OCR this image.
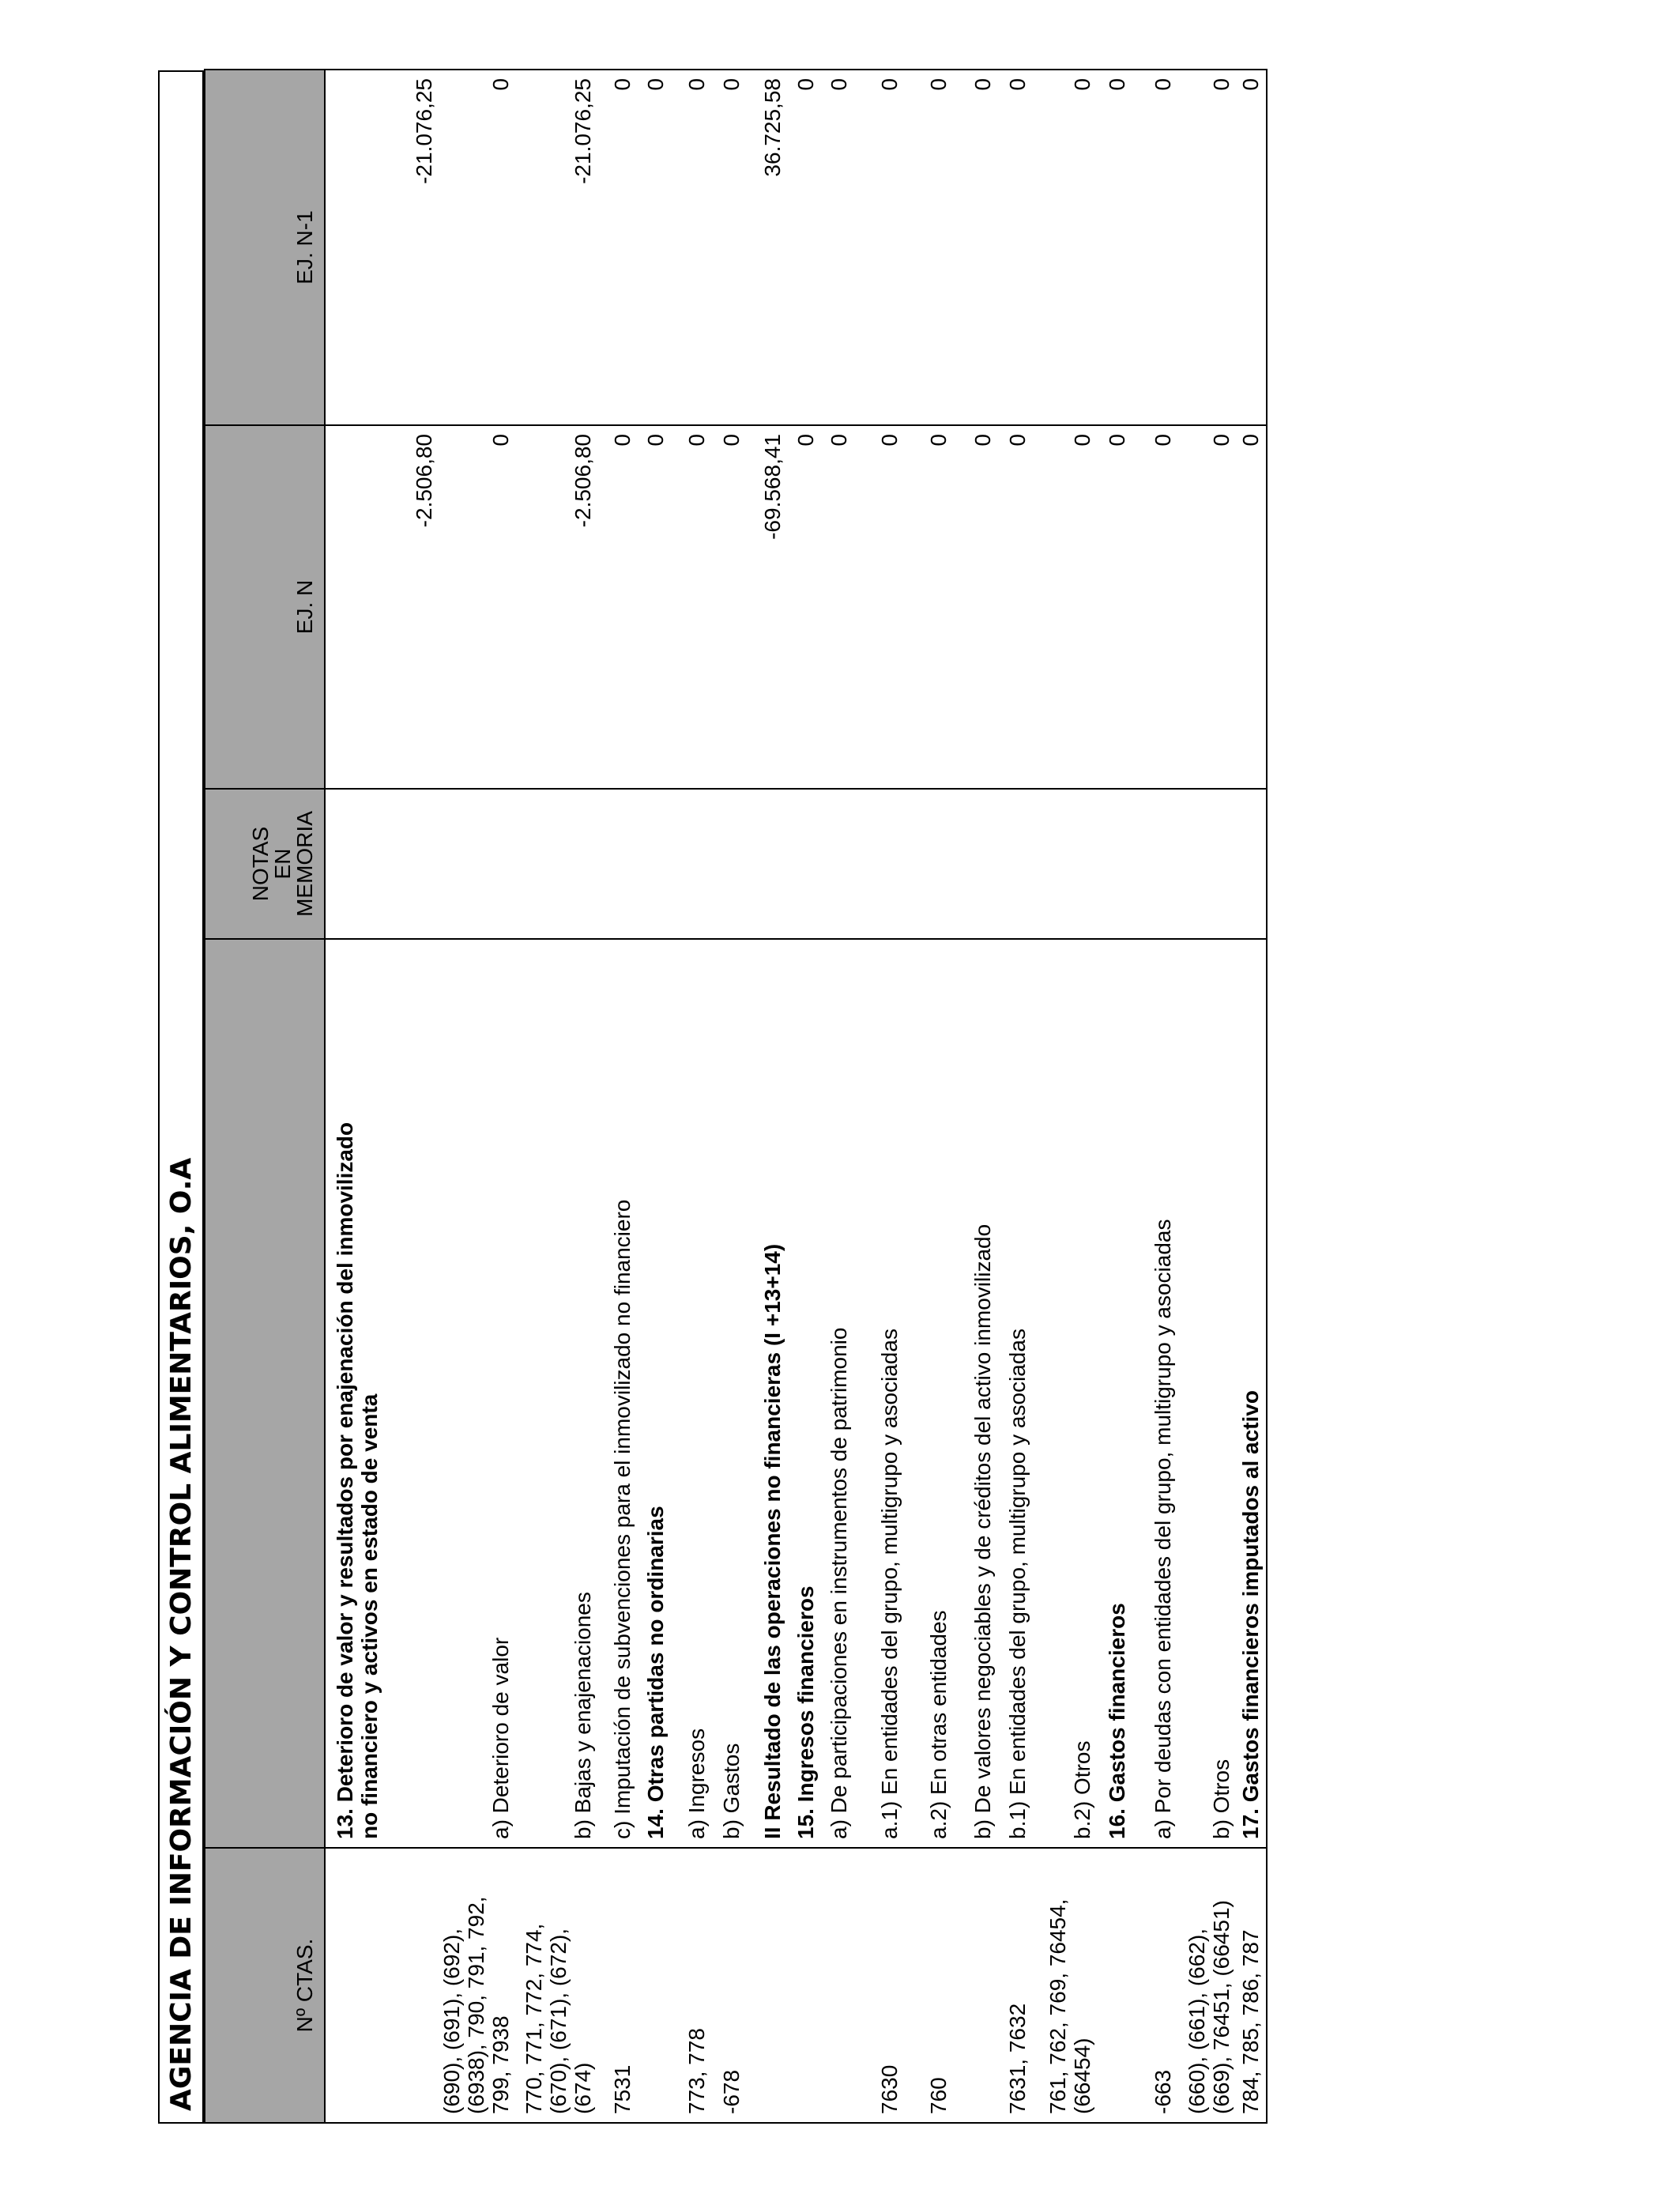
AGENCIA DE INFORMACIÓN Y CONTROL ALIMENTARIOS, O.A	Nº CTAS.		NOTAS
EN
MEMORIA	EJ. N	EJ. N-1
	13. Deterioro de valor y resultados por enajenación del inmovilizado
no financiero y activos en estado de venta		-2.506,80	-21.076,25
(690), (691), (692),
(6938), 790, 791, 792,
799, 7938	a) Deterioro de valor		0	0
770, 771, 772, 774,
(670), (671), (672),
(674)	b) Bajas y enajenaciones		-2.506,80	-21.076,25
7531	c) Imputación de subvenciones para el inmovilizado no financiero		0	0
	14. Otras partidas no ordinarias		0	0
773, 778	a) Ingresos		0	0
-678	b) Gastos		0	0
	II Resultado de las operaciones no financieras (I +13+14)		-69.568,41	36.725,58
	15. Ingresos financieros		0	0
	a) De participaciones en instrumentos de patrimonio		0	0
7630	a.1) En entidades del grupo, multigrupo y asociadas		0	0
760	a.2) En otras entidades		0	0
	b) De valores negociables y de créditos del activo inmovilizado		0	0
7631, 7632	b.1) En entidades del grupo, multigrupo y asociadas		0	0
761, 762, 769, 76454,
(66454)	b.2) Otros		0	0
	16. Gastos financieros		0	0
-663	a) Por deudas con entidades del grupo, multigrupo y asociadas		0	0
(660), (661), (662),
(669), 76451, (66451)	b) Otros		0	0
784, 785, 786, 787	17. Gastos financieros imputados al activo		0	0
